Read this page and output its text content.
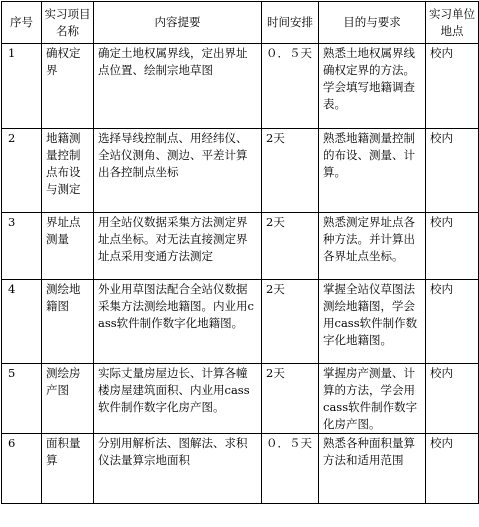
序号	实习项目名称	内容提要	时间安排	目的与要求	实习单位地点
1	确权定界	确定土地权属界线，定出界址点位置、绘制宗地草图	０．５天	熟悉土地权属界线确权定界的方法。学会填写地籍调查表。	校内
2	地籍测量控制点布设与测定	选择导线控制点、用经纬仪、全站仪测角、测边、平差计算出各控制点坐标	2天	熟悉地籍测量控制的布设、测量、计算。	校内
3	界址点测量	用全站仪数据采集方法测定界址点坐标。对无法直接测定界址点采用变通方法测定	2天	熟悉测定界址点各种方法。并计算出各界址点坐标。	校内
4	测绘地籍图	外业用草图法配合全站仪数据采集方法测绘地籍图。内业用cass软件制作数字化地籍图。	2天	掌握全站仪草图法测绘地籍图，学会用cass软件制作数字化地籍图。	校内
5	测绘房产图	实际丈量房屋边长、计算各幢楼房屋建筑面积、内业用cass软件制作数字化房产图。	2天	掌握房产测量、计算的方法，学会用cass软件制作数字化房产图。	校内
6	面积量算	分别用解析法、图解法、求积仪法量算宗地面积	０．５天	熟悉各种面积量算方法和适用范围	校内
